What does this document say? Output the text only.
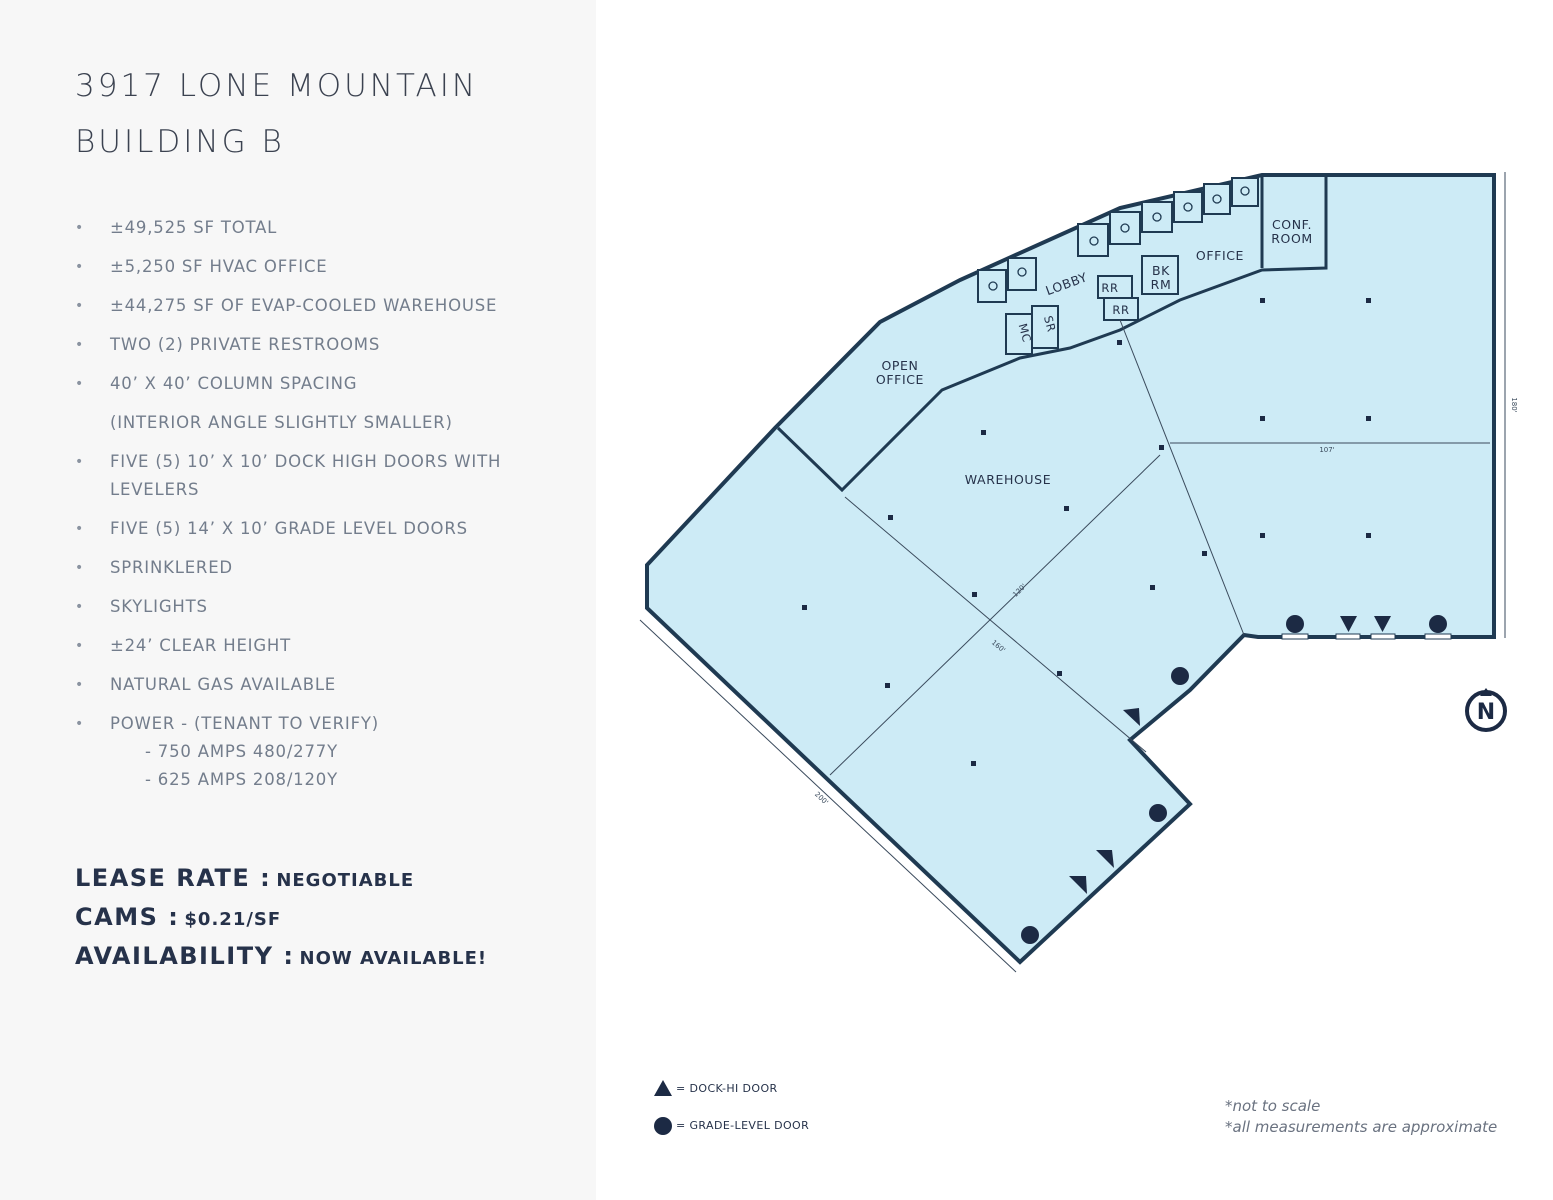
3917 LONE MOUNTAIN
BUILDING B
• ±49,525 SF TOTAL
• ±5,250 SF HVAC OFFICE
• ±44,275 SF OF EVAP-COOLED WAREHOUSE
• TWO (2) PRIVATE RESTROOMS
• 40’ X 40’ COLUMN SPACING
(INTERIOR ANGLE SLIGHTLY SMALLER)
• FIVE (5) 10’ X 10’ DOCK HIGH DOORS WITH
LEVELERS
• FIVE (5) 14’ X 10’ GRADE LEVEL DOORS
• SPRINKLERED
• SKYLIGHTS
• ±24’ CLEAR HEIGHT
• NATURAL GAS AVAILABLE
• POWER - (TENANT TO VERIFY)
- 750 AMPS 480/277Y
- 625 AMPS 208/120Y
LEASE RATE : NEGOTIABLE
CAMS : $0.21/SF
AVAILABILITY : NOW AVAILABLE!
CONF.
ROOM
OFFICE
BK
RM
LOBBY RR
RR
SR
MC
OPEN
OFFICE
WAREHOUSE
180'
107'
120'
160'
200'
N
= DOCK-HI DOOR
= GRADE-LEVEL DOOR
*not to scale
*all measurements are approximate
